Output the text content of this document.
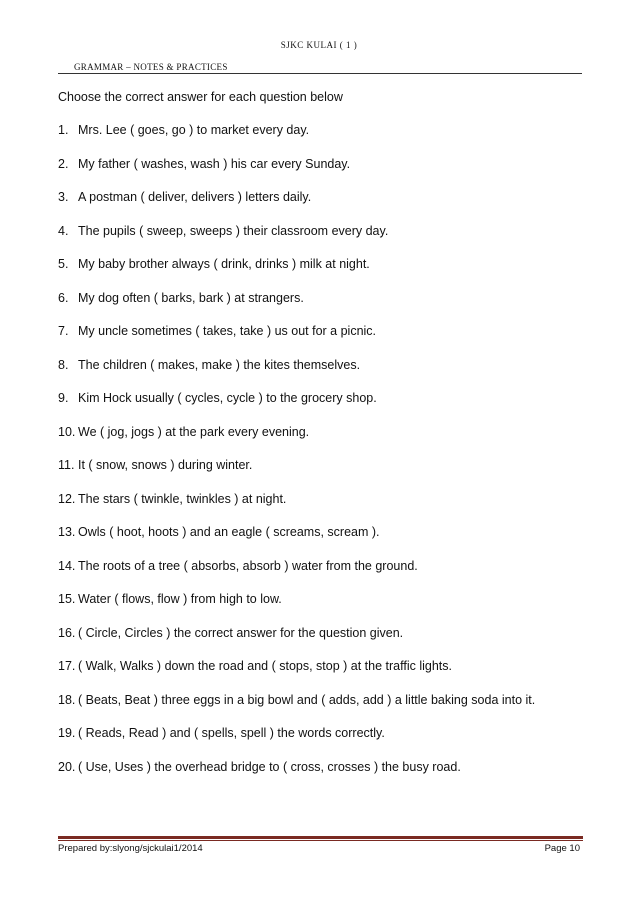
SJKC KULAI ( 1 )
GRAMMAR – NOTES & PRACTICES
Choose the correct answer for each question below
1. Mrs. Lee ( goes, go ) to market every day.
2. My father ( washes, wash ) his car every Sunday.
3. A postman ( deliver, delivers ) letters daily.
4. The pupils ( sweep, sweeps ) their classroom every day.
5. My baby brother always ( drink, drinks ) milk at night.
6. My dog often ( barks, bark ) at strangers.
7. My uncle sometimes ( takes, take ) us out for a picnic.
8. The children ( makes, make ) the kites themselves.
9. Kim Hock usually ( cycles, cycle ) to the grocery shop.
10. We ( jog, jogs ) at the park every evening.
11. It ( snow, snows ) during winter.
12. The stars ( twinkle, twinkles ) at night.
13. Owls ( hoot, hoots ) and an eagle ( screams, scream ).
14. The roots of a tree ( absorbs, absorb ) water from the ground.
15. Water ( flows, flow ) from high to low.
16. ( Circle, Circles ) the correct answer for the question given.
17. ( Walk, Walks ) down the road and ( stops, stop ) at the traffic lights.
18. ( Beats, Beat ) three eggs in a big bowl and ( adds, add ) a little baking soda into it.
19. ( Reads, Read ) and ( spells, spell ) the words correctly.
20. ( Use, Uses ) the overhead bridge to ( cross, crosses ) the busy road.
Prepared by:slyong/sjckulai1/2014	Page 10
